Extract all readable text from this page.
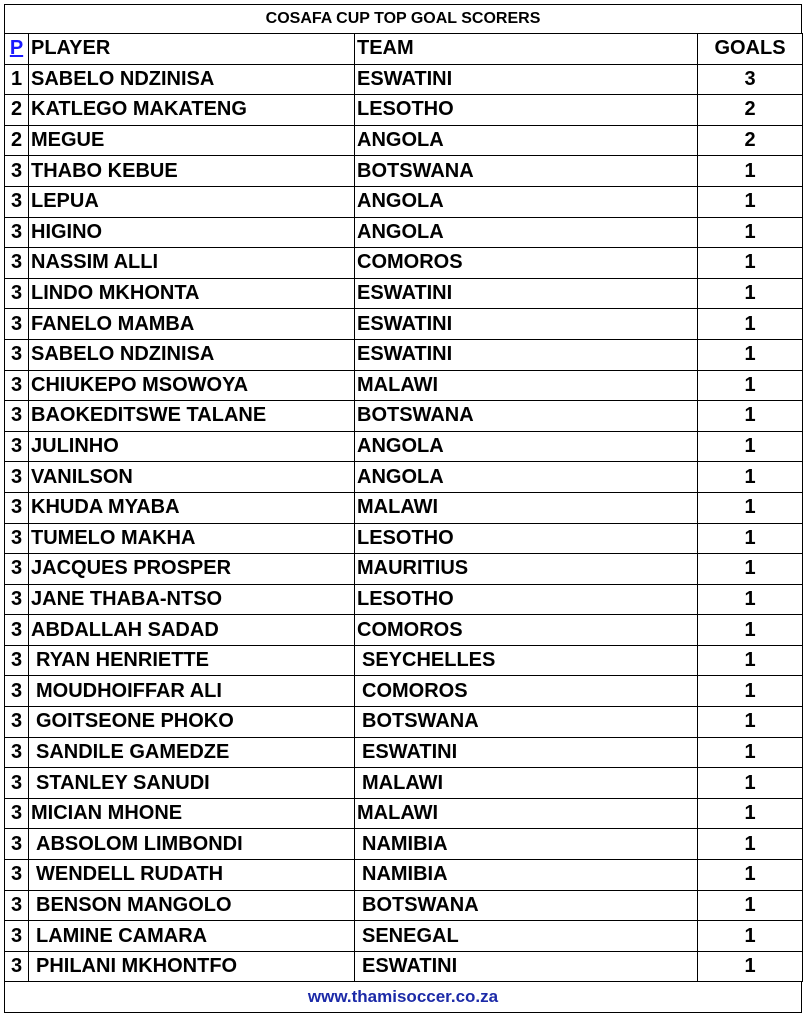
COSAFA CUP TOP GOAL SCORERS
P	PLAYER	TEAM	GOALS
1	SABELO NDZINISA	ESWATINI	3
2	KATLEGO MAKATENG	LESOTHO	2
2	MEGUE	ANGOLA	2
3	THABO KEBUE	BOTSWANA	1
3	LEPUA	ANGOLA	1
3	HIGINO	ANGOLA	1
3	NASSIM ALLI	COMOROS	1
3	LINDO MKHONTA	ESWATINI	1
3	FANELO MAMBA	ESWATINI	1
3	SABELO NDZINISA	ESWATINI	1
3	CHIUKEPO MSOWOYA	MALAWI	1
3	BAOKEDITSWE TALANE	BOTSWANA	1
3	JULINHO	ANGOLA	1
3	VANILSON	ANGOLA	1
3	KHUDA MYABA	MALAWI	1
3	TUMELO MAKHA	LESOTHO	1
3	JACQUES PROSPER	MAURITIUS	1
3	JANE THABA-NTSO	LESOTHO	1
3	ABDALLAH SADAD	COMOROS	1
3	RYAN HENRIETTE	SEYCHELLES	1
3	MOUDHOIFFAR ALI	COMOROS	1
3	GOITSEONE PHOKO	BOTSWANA	1
3	SANDILE GAMEDZE	ESWATINI	1
3	STANLEY SANUDI	MALAWI	1
3	MICIAN MHONE	MALAWI	1
3	ABSOLOM LIMBONDI	NAMIBIA	1
3	WENDELL RUDATH	NAMIBIA	1
3	BENSON MANGOLO	BOTSWANA	1
3	LAMINE CAMARA	SENEGAL	1
3	PHILANI MKHONTFO	ESWATINI	1
www.thamisoccer.co.za
